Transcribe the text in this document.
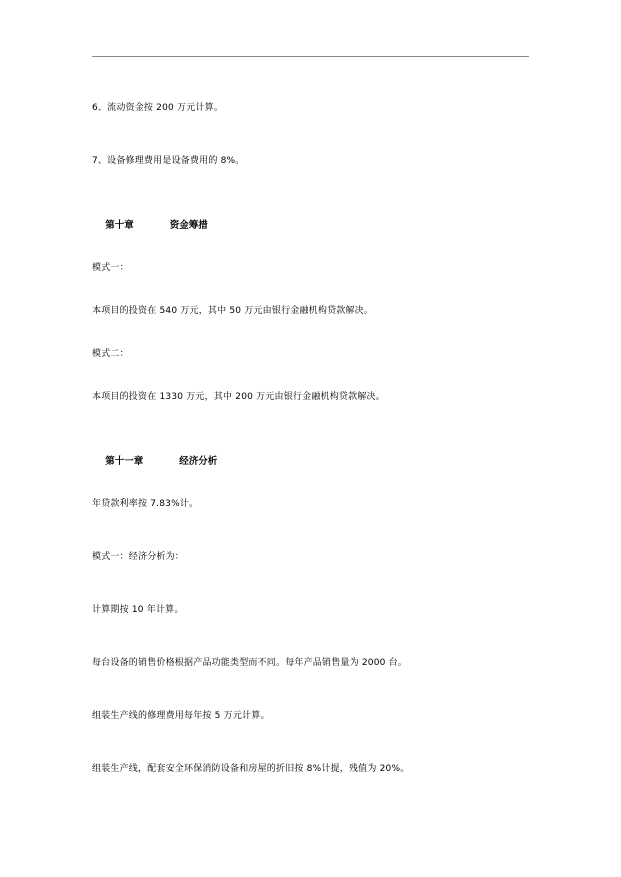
6、流动资金按 200 万元计算。
7、设备修理费用是设备费用的 8%。

第十章	资金筹措

模式一：
本项目的投资在 540 万元，其中 50 万元由银行金融机构贷款解决。
模式二：
本项目的投资在 1330 万元，其中 200 万元由银行金融机构贷款解决。

第十一章	经济分析

年贷款利率按 7.83%计。
模式一：经济分析为：
计算期按 10 年计算。
每台设备的销售价格根据产品功能类型而不同。每年产品销售量为 2000 台。
组装生产线的修理费用每年按 5 万元计算。
组装生产线，配套安全环保消防设备和房屋的折旧按 8%计提，残值为 20%。
